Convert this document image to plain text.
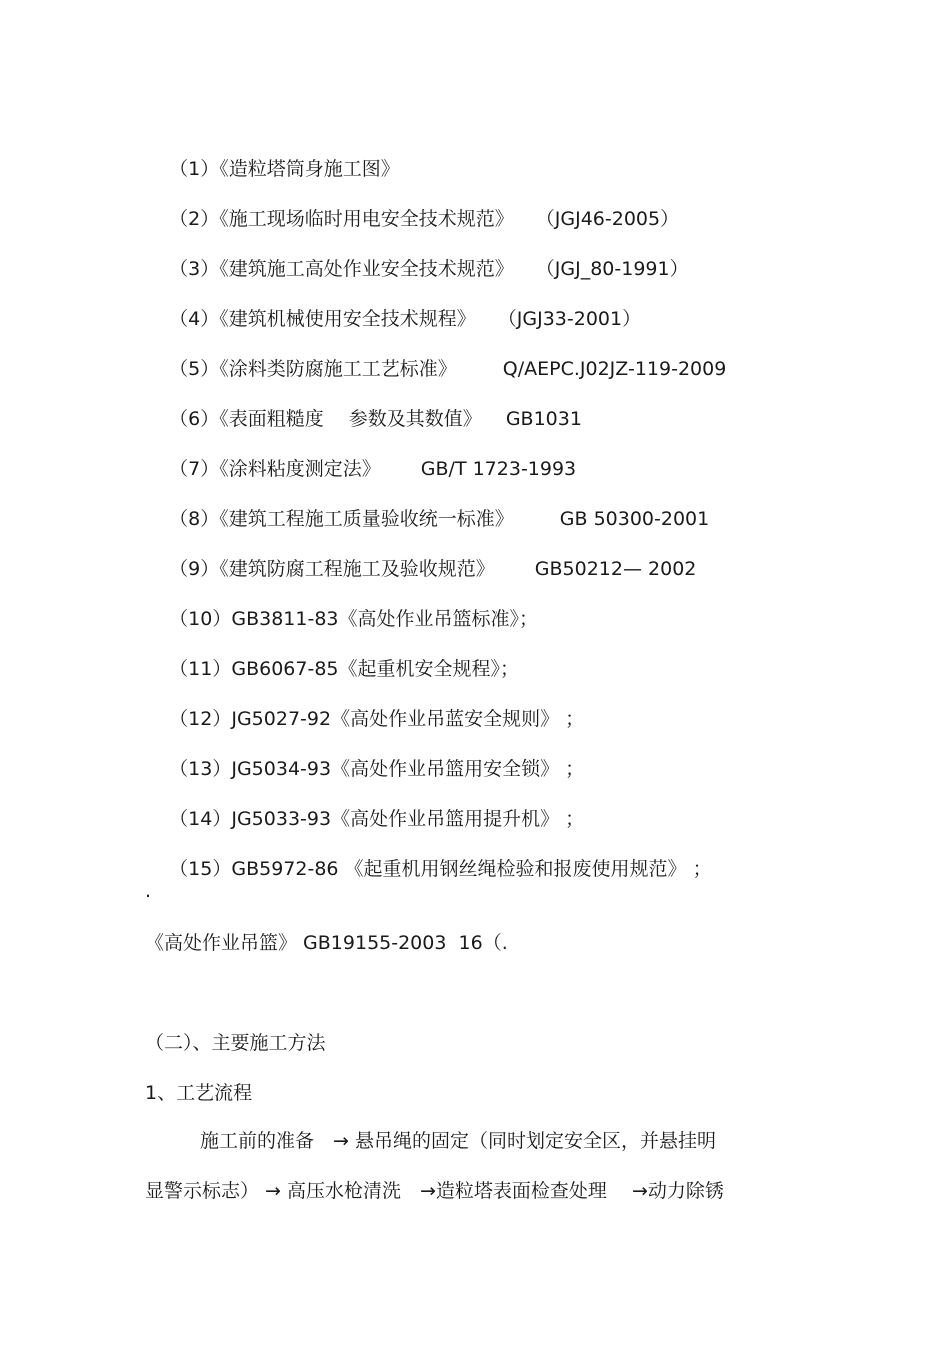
（1）《造粒塔筒身施工图》

（2）《施工现场临时用电安全技术规范》 （JGJ46-2005）

（3）《建筑施工高处作业安全技术规范》 （JGJ_80-1991）

（4）《建筑机械使用安全技术规程》 （JGJ33-2001）

（5）《涂料类防腐施工工艺标准》 Q/AEPC.J02JZ-119-2009

（6）《表面粗糙度　 参数及其数值》 GB1031

（7）《涂料粘度测定法》 GB/T 1723-1993

（8）《建筑工程施工质量验收统一标准》 GB 50300-2001

（9）《建筑防腐工程施工及验收规范》 GB50212— 2002

（10）GB3811-83《高处作业吊篮标准》；

（11）GB6067-85《起重机安全规程》；

（12）JG5027-92《高处作业吊蓝安全规则》 ；

（13）JG5034-93《高处作业吊篮用安全锁》 ；

（14）JG5033-93《高处作业吊篮用提升机》 ；

（15）GB5972-86 《起重机用钢丝绳检验和报废使用规范》 ；

.
《高处作业吊篮》 GB19155-2003  16（.
（二）、主要施工方法
1、工艺流程
施工前的准备　→ 悬吊绳的固定（同时划定安全区，并悬挂明
显警示标志） → 高压水枪清洗　→造粒塔表面检查处理　 →动力除锈
